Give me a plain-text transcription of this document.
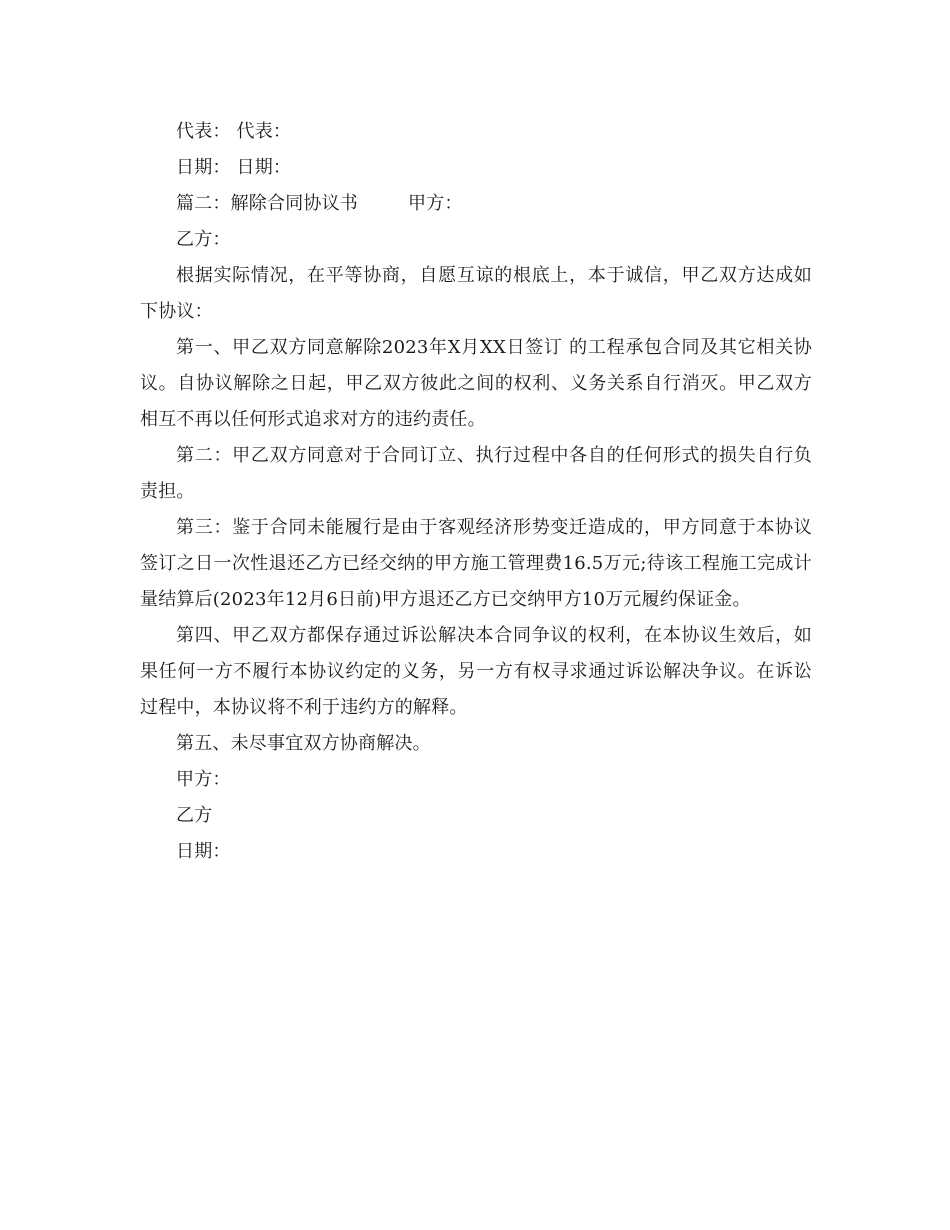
代表： 代表：

日期： 日期：

篇二：解除合同协议书	甲方：

乙方：

根据实际情况，在平等协商，自愿互谅的根底上，本于诚信，甲乙双方达成如下协议：

第一、甲乙双方同意解除2023年X月XX日签订 的工程承包合同及其它相关协议。自协议解除之日起，甲乙双方彼此之间的权利、义务关系自行消灭。甲乙双方相互不再以任何形式追求对方的违约责任。

第二：甲乙双方同意对于合同订立、执行过程中各自的任何形式的损失自行负责担。

第三：鉴于合同未能履行是由于客观经济形势变迁造成的，甲方同意于本协议签订之日一次性退还乙方已经交纳的甲方施工管理费16.5万元;待该工程施工完成计量结算后(2023年12月6日前)甲方退还乙方已交纳甲方10万元履约保证金。

第四、甲乙双方都保存通过诉讼解决本合同争议的权利，在本协议生效后，如果任何一方不履行本协议约定的义务，另一方有权寻求通过诉讼解决争议。在诉讼过程中，本协议将不利于违约方的解释。

第五、未尽事宜双方协商解决。

甲方：

乙方

日期：
